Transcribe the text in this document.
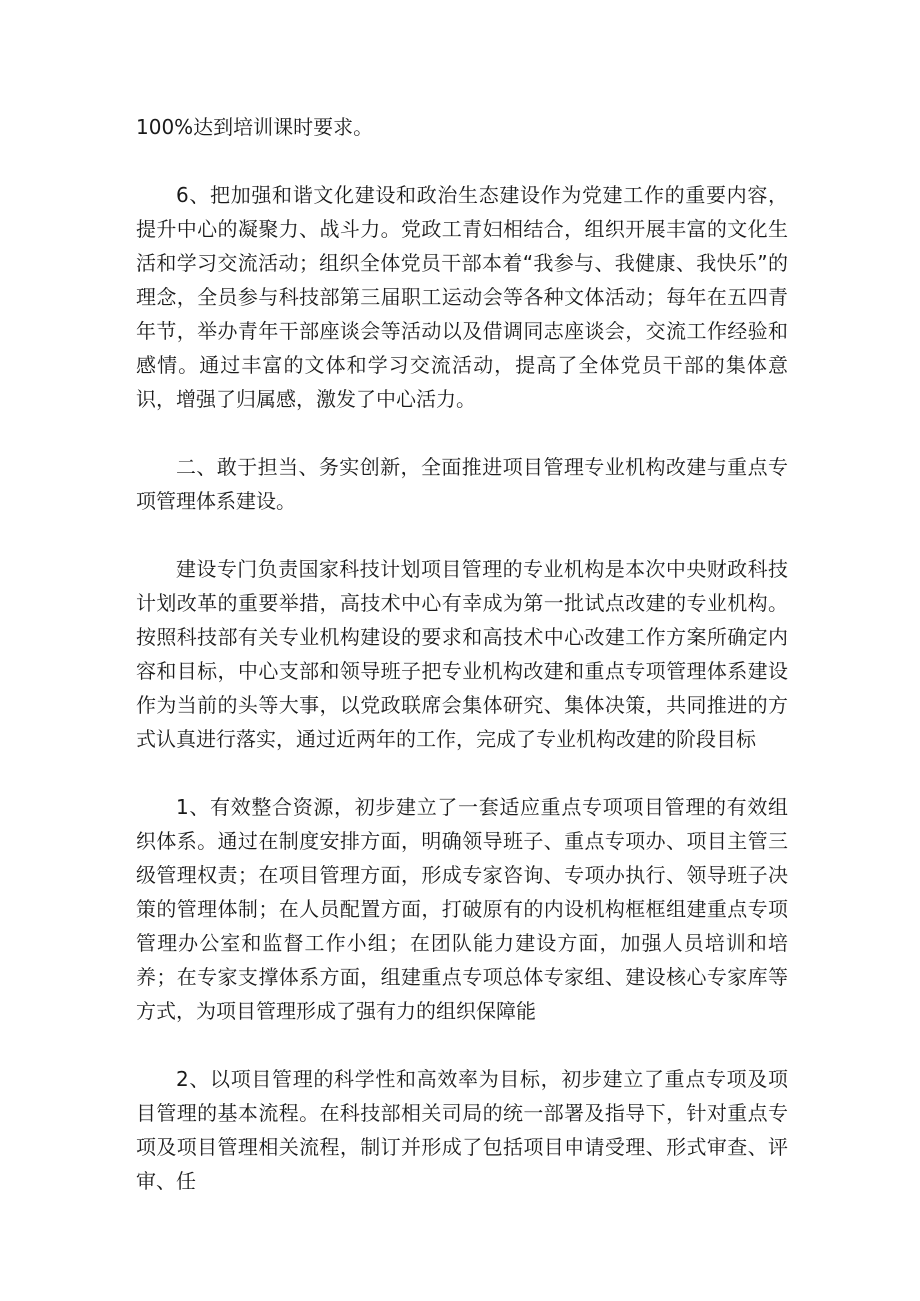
100%达到培训课时要求。

6、把加强和谐文化建设和政治生态建设作为党建工作的重要内容，提升中心的凝聚力、战斗力。党政工青妇相结合，组织开展丰富的文化生活和学习交流活动；组织全体党员干部本着“我参与、我健康、我快乐”的理念，全员参与科技部第三届职工运动会等各种文体活动；每年在五四青年节，举办青年干部座谈会等活动以及借调同志座谈会，交流工作经验和感情。通过丰富的文体和学习交流活动，提高了全体党员干部的集体意识，增强了归属感，激发了中心活力。

二、敢于担当、务实创新，全面推进项目管理专业机构改建与重点专项管理体系建设。

建设专门负责国家科技计划项目管理的专业机构是本次中央财政科技计划改革的重要举措，高技术中心有幸成为第一批试点改建的专业机构。按照科技部有关专业机构建设的要求和高技术中心改建工作方案所确定内容和目标，中心支部和领导班子把专业机构改建和重点专项管理体系建设作为当前的头等大事，以党政联席会集体研究、集体决策，共同推进的方式认真进行落实，通过近两年的工作，完成了专业机构改建的阶段目标

1、有效整合资源，初步建立了一套适应重点专项项目管理的有效组织体系。通过在制度安排方面，明确领导班子、重点专项办、项目主管三级管理权责；在项目管理方面，形成专家咨询、专项办执行、领导班子决策的管理体制；在人员配置方面，打破原有的内设机构框框组建重点专项管理办公室和监督工作小组；在团队能力建设方面，加强人员培训和培养；在专家支撑体系方面，组建重点专项总体专家组、建设核心专家库等方式，为项目管理形成了强有力的组织保障能

2、以项目管理的科学性和高效率为目标，初步建立了重点专项及项目管理的基本流程。在科技部相关司局的统一部署及指导下，针对重点专项及项目管理相关流程，制订并形成了包括项目申请受理、形式审查、评审、任
